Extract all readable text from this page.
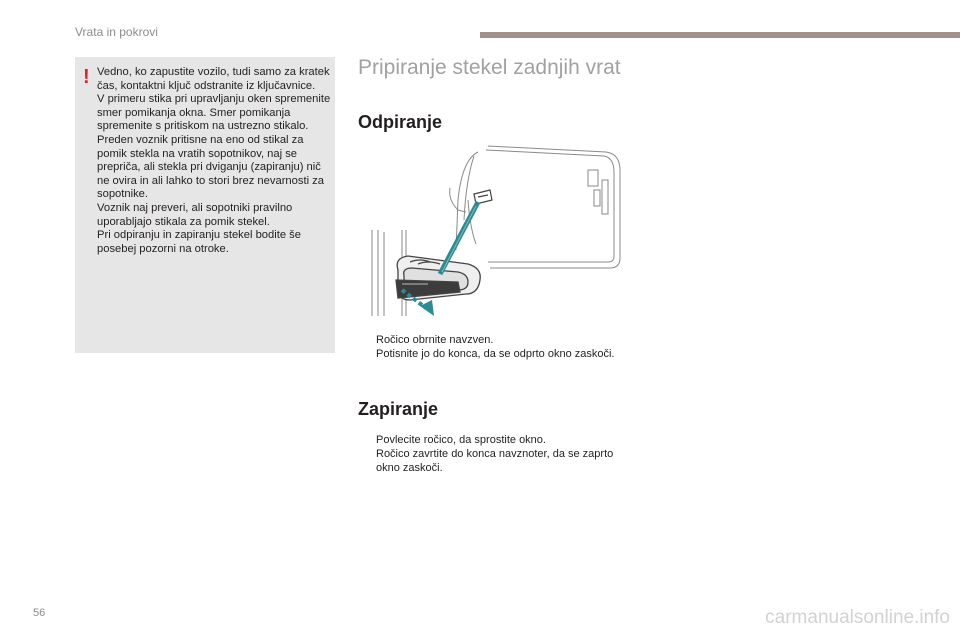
Vrata in pokrovi
! Vedno, ko zapustite vozilo, tudi samo za kratek čas, kontaktni ključ odstranite iz ključavnice.

V primeru stika pri upravljanju oken spremenite smer pomikanja okna. Smer pomikanja spremenite s pritiskom na ustrezno stikalo.

Preden voznik pritisne na eno od stikal za pomik stekla na vratih sopotnikov, naj se prepriča, ali stekla pri dviganju (zapiranju) nič ne ovira in ali lahko to stori brez nevarnosti za sopotnike.

Voznik naj preveri, ali sopotniki pravilno uporabljajo stikala za pomik stekel.

Pri odpiranju in zapiranju stekel bodite še posebej pozorni na otroke.

Pripiranje stekel zadnjih vrat
Odpiranje
Ročico obrnite navzven.
Potisnite jo do konca, da se odprto okno zaskoči.
Zapiranje
Povlecite ročico, da sprostite okno.
Ročico zavrtite do konca navznoter, da se zaprto okno zaskoči.
56	carmanualsonline.info
